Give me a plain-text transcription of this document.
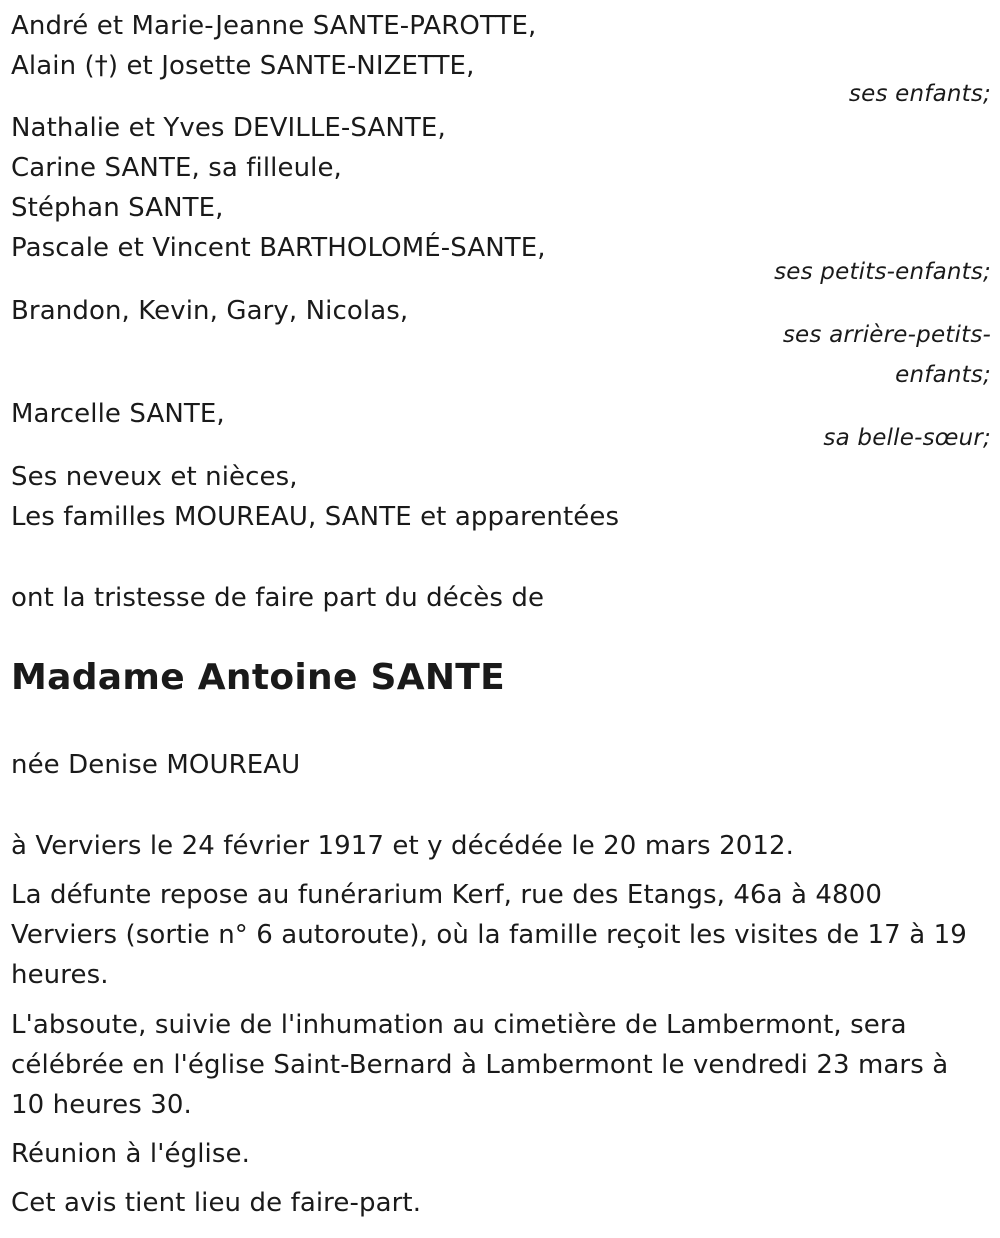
André et Marie-Jeanne SANTE-PAROTTE,
Alain (†) et Josette SANTE-NIZETTE,
ses enfants;
Nathalie et Yves DEVILLE-SANTE,
Carine SANTE, sa filleule,
Stéphan SANTE,
Pascale et Vincent BARTHOLOMÉ-SANTE,
ses petits-enfants;
Brandon, Kevin, Gary, Nicolas,
ses arrière-petits-
enfants;
Marcelle SANTE,
sa belle-sœur;
Ses neveux et nièces,
Les familles MOUREAU, SANTE et apparentées
ont la tristesse de faire part du décès de
Madame Antoine SANTE
née Denise MOUREAU
à Verviers le 24 février 1917 et y décédée le 20 mars 2012.
La défunte repose au funérarium Kerf, rue des Etangs, 46a à 4800 Verviers (sortie n° 6 autoroute), où la famille reçoit les visites de 17 à 19 heures.
L'absoute, suivie de l'inhumation au cimetière de Lambermont, sera célébrée en l'église Saint-Bernard à Lambermont le vendredi 23 mars à 10 heures 30.
Réunion à l'église.
Cet avis tient lieu de faire-part.
